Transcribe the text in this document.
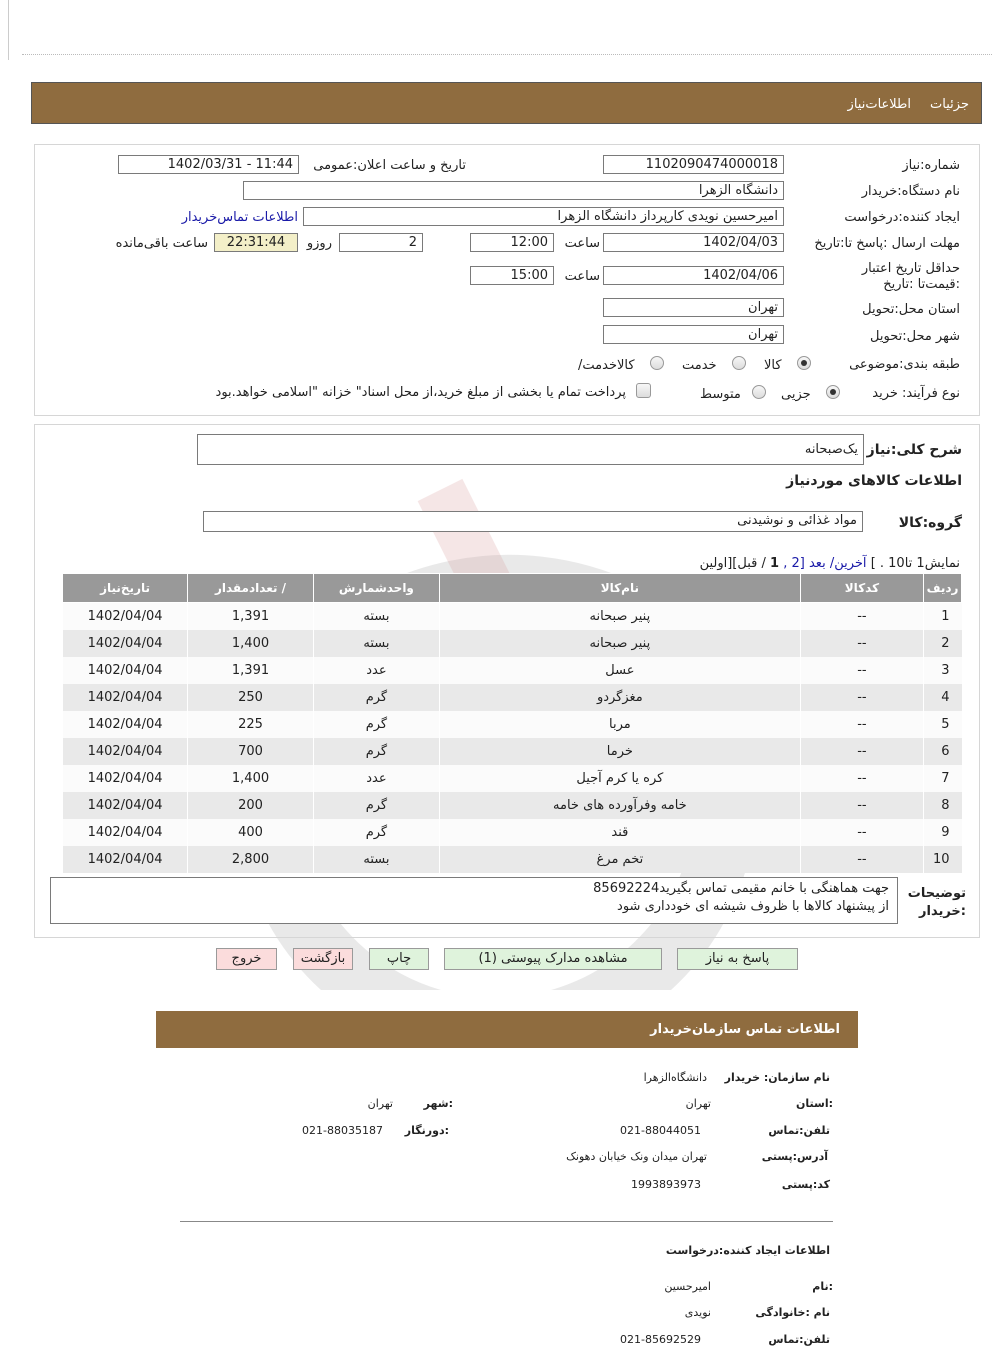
جزئیات
اطلاعات‌نیاز
شماره:نیاز
1102090474000018
تاریخ و ساعت اعلان:عمومی
1402/03/31 - 11:44
نام دستگاه:خریدار
دانشگاه الزهرا
ایجاد کننده:درخواست
امیرحسین نویدی کارپرداز دانشگاه الزهرا
اطلاعات تماس‌خریدار
مهلت ارسال :پاسخ تا:تاریخ
1402/04/03
ساعت
12:00
2
روزو
22:31:44
ساعت باقی‌مانده
حداقل تاریخ اعتبار :قیمت‌تا :تاریخ
1402/04/06
ساعت
15:00
استان محل:تحویل
تهران
شهر محل:تحویل
تهران
طبقه بندی:موضوعی
کالا
خدمت
/کالاخدمت
نوع فرآیند: خرید
جزیی
متوسط
پرداخت تمام یا بخشی از مبلغ خرید،از محل اسناد" خزانه "اسلامی خواهد.بود
شرح کلی:نیاز
یک‌صبحانه
اطلاعات کالاهای موردنیاز
گروه:کالا
مواد غذائی و نوشیدنی
نمایش1 تا10 . ] آخرین/ بعد [2 , 1 / قبل][اولین
ردیف	کدکالا	نام‌کالا	واحدشمارش	/ تعدادمقدار	تاریخ‌نیاز
1	--	پنیر صبحانه	بسته	1,391	1402/04/04
2	--	پنیر صبحانه	بسته	1,400	1402/04/04
3	--	عسل	عدد	1,391	1402/04/04
4	--	مغزگردو	گرم	250	1402/04/04
5	--	مربا	گرم	225	1402/04/04
6	--	خرما	گرم	700	1402/04/04
7	--	کره یا کرم آجیل	عدد	1,400	1402/04/04
8	--	خامه وفرآورده های خامه	گرم	200	1402/04/04
9	--	قند	گرم	400	1402/04/04
10	--	تخم مرغ	بسته	2,800	1402/04/04
توضیحات
:خریدار
جهت هماهنگی با خانم مقیمی تماس بگیرید85692224
از پیشنهاد کالاها با ظروف شیشه ای خودداری شود
پاسخ به نیاز
مشاهده مدارک پیوستی (1)
چاپ
بازگشت
خروج
اطلاعات تماس سازمان‌خریدار
نام سازمان: خریدار
دانشگاه‌الزهرا
:استان
تهران
:شهر
تهران
تلفن:تماس
021-88044051
:دورنگار
021-88035187
آدرس:پستی
تهران میدان ونک خیابان دهونک
کد:پستی
1993893973
اطلاعات ایجاد کننده:درخواست
:نام
امیرحسین
نام :خانوادگی
نویدی
تلفن:تماس
021-85692529
